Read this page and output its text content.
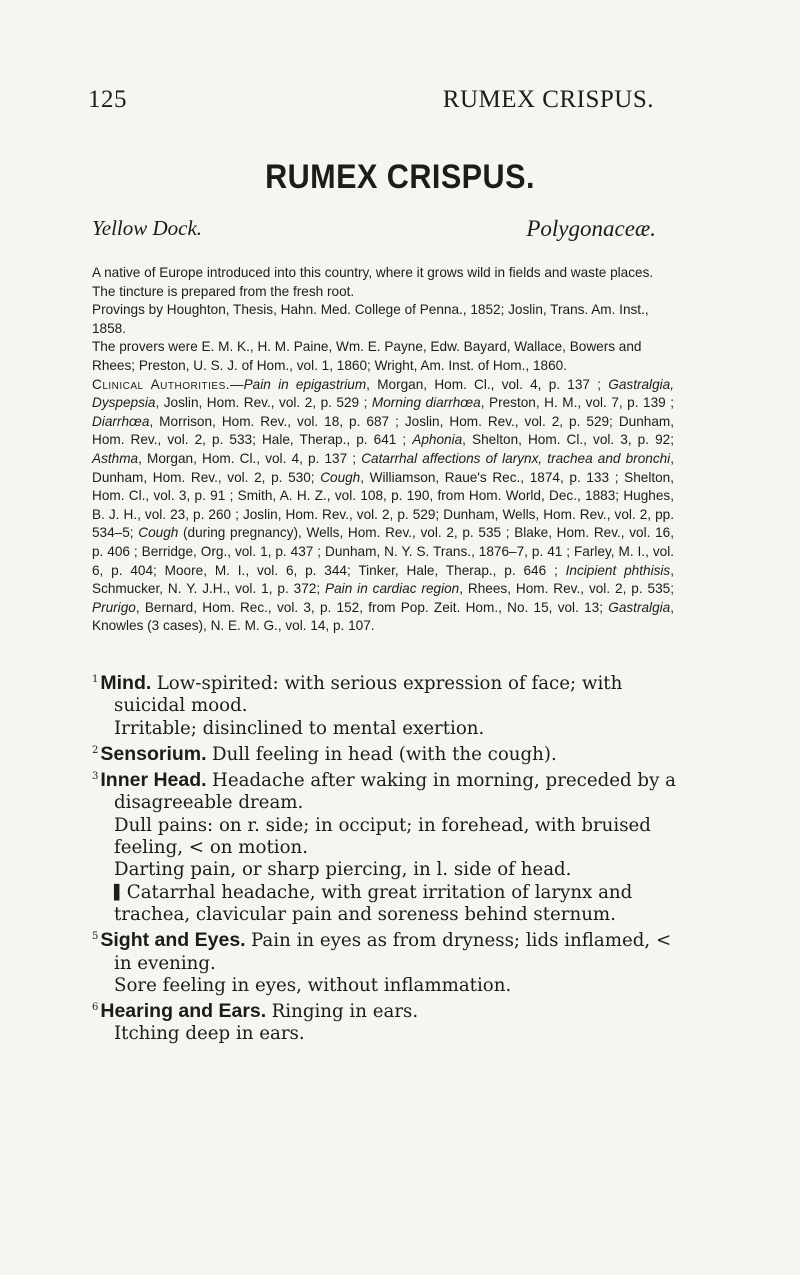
125	RUMEX CRISPUS.
RUMEX CRISPUS.
Yellow Dock.	Polygonaceæ.

A native of Europe introduced into this country, where it grows wild in fields and waste places.

The tincture is prepared from the fresh root.

Provings by Houghton, Thesis, Hahn. Med. College of Penna., 1852; Joslin, Trans. Am. Inst., 1858.

The provers were E. M. K., H. M. Paine, Wm. E. Payne, Edw. Bayard, Wallace, Bowers and Rhees; Preston, U. S. J. of Hom., vol. 1, 1860; Wright, Am. Inst. of Hom., 1860.

Clinical Authorities.—Pain in epigastrium, Morgan, Hom. Cl., vol. 4, p. 137 ; Gastralgia, Dyspepsia, Joslin, Hom. Rev., vol. 2, p. 529 ; Morning diarrhœa, Preston, H. M., vol. 7, p. 139 ; Diarrhœa, Morrison, Hom. Rev., vol. 18, p. 687 ; Joslin, Hom. Rev., vol. 2, p. 529; Dunham, Hom. Rev., vol. 2, p. 533; Hale, Therap., p. 641 ; Aphonia, Shelton, Hom. Cl., vol. 3, p. 92; Asthma, Morgan, Hom. Cl., vol. 4, p. 137 ; Catarrhal affections of larynx, trachea and bronchi, Dunham, Hom. Rev., vol. 2, p. 530; Cough, Williamson, Raue's Rec., 1874, p. 133 ; Shelton, Hom. Cl., vol. 3, p. 91 ; Smith, A. H. Z., vol. 108, p. 190, from Hom. World, Dec., 1883; Hughes, B. J. H., vol. 23, p. 260 ; Joslin, Hom. Rev., vol. 2, p. 529; Dunham, Wells, Hom. Rev., vol. 2, pp. 534–5; Cough (during pregnancy), Wells, Hom. Rev., vol. 2, p. 535 ; Blake, Hom. Rev., vol. 16, p. 406 ; Berridge, Org., vol. 1, p. 437 ; Dunham, N. Y. S. Trans., 1876–7, p. 41 ; Farley, M. I., vol. 6, p. 404; Moore, M. I., vol. 6, p. 344; Tinker, Hale, Therap., p. 646 ; Incipient phthisis, Schmucker, N. Y. J.H., vol. 1, p. 372; Pain in cardiac region, Rhees, Hom. Rev., vol. 2, p. 535; Prurigo, Bernard, Hom. Rec., vol. 3, p. 152, from Pop. Zeit. Hom., No. 15, vol. 13; Gastralgia, Knowles (3 cases), N. E. M. G., vol. 14, p. 107.

$^1$ Mind. Low-spirited: with serious expression of face; with suicidal mood.

Irritable; disinclined to mental exertion.

$^2$ Sensorium. Dull feeling in head (with the cough).

$^3$ Inner Head. Headache after waking in morning, preceded by a disagreeable dream.

Dull pains: on r. side; in occiput; in forehead, with bruised feeling, < on motion.

Darting pain, or sharp piercing, in l. side of head.

▌ Catarrhal headache, with great irritation of larynx and trachea, clavicular pain and soreness behind sternum.

$^5$ Sight and Eyes. Pain in eyes as from dryness; lids inflamed, < in evening.

Sore feeling in eyes, without inflammation.

$^6$ Hearing and Ears. Ringing in ears.

Itching deep in ears.
